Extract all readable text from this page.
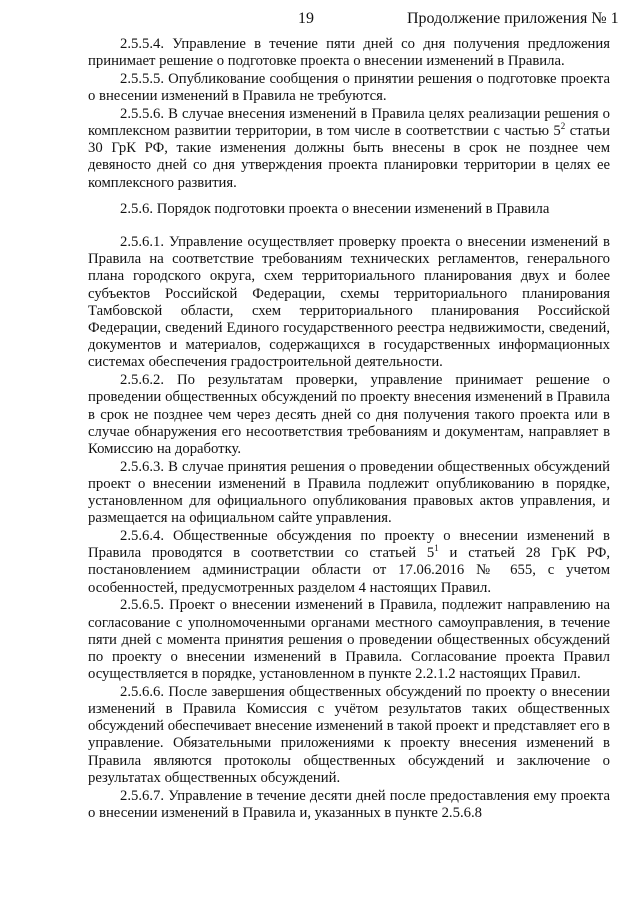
19	Продолжение приложения № 1

2.5.5.4. Управление в течение пяти дней со дня получения предложения принимает решение о подготовке проекта о внесении изменений в Правила.

2.5.5.5. Опубликование сообщения о принятии решения о подготовке проекта о внесении изменений в Правила не требуются.

2.5.5.6. В случае внесения изменений в Правила целях реализации решения о комплексном развитии территории, в том числе в соответствии с частью $5^2$ статьи 30 ГрК РФ, такие изменения должны быть внесены в срок не позднее чем девяносто дней со дня утверждения проекта планировки территории в целях ее комплексного развития.

2.5.6. Порядок подготовки проекта о внесении изменений в Правила

2.5.6.1. Управление осуществляет проверку проекта о внесении изменений в Правила на соответствие требованиям технических регламентов, генерального плана городского округа, схем территориального планирования двух и более субъектов Российской Федерации, схемы территориального планирования Тамбовской области, схем территориального планирования Российской Федерации, сведений Единого государственного реестра недвижимости, сведений, документов и материалов, содержащихся в государственных информационных системах обеспечения градостроительной деятельности.

2.5.6.2. По результатам проверки, управление принимает решение о проведении общественных обсуждений по проекту внесения изменений в Правила в срок не позднее чем через десять дней со дня получения такого проекта или в случае обнаружения его несоответствия требованиям и документам, направляет в Комиссию на доработку.

2.5.6.3. В случае принятия решения о проведении общественных обсуждений проект о внесении изменений в Правила подлежит опубликованию в порядке, установленном для официального опубликования правовых актов управления, и размещается на официальном сайте управления.

2.5.6.4. Общественные обсуждения по проекту о внесении изменений в Правила проводятся в соответствии со статьей $5^1$ и статьей 28 ГрК РФ, постановлением администрации области от 17.06.2016 № 655, с учетом особенностей, предусмотренных разделом 4 настоящих Правил.

2.5.6.5. Проект о внесении изменений в Правила, подлежит направлению на согласование с уполномоченными органами местного самоуправления, в течение пяти дней с момента принятия решения о проведении общественных обсуждений по проекту о внесении изменений в Правила. Согласование проекта Правил осуществляется в порядке, установленном в пункте 2.2.1.2 настоящих Правил.

2.5.6.6. После завершения общественных обсуждений по проекту о внесении изменений в Правила Комиссия с учётом результатов таких общественных обсуждений обеспечивает внесение изменений в такой проект и представляет его в управление. Обязательными приложениями к проекту внесения изменений в Правила являются протоколы общественных обсуждений и заключение о результатах общественных обсуждений.

2.5.6.7. Управление в течение десяти дней после предоставления ему проекта о внесении изменений в Правила и, указанных в пункте 2.5.6.8
